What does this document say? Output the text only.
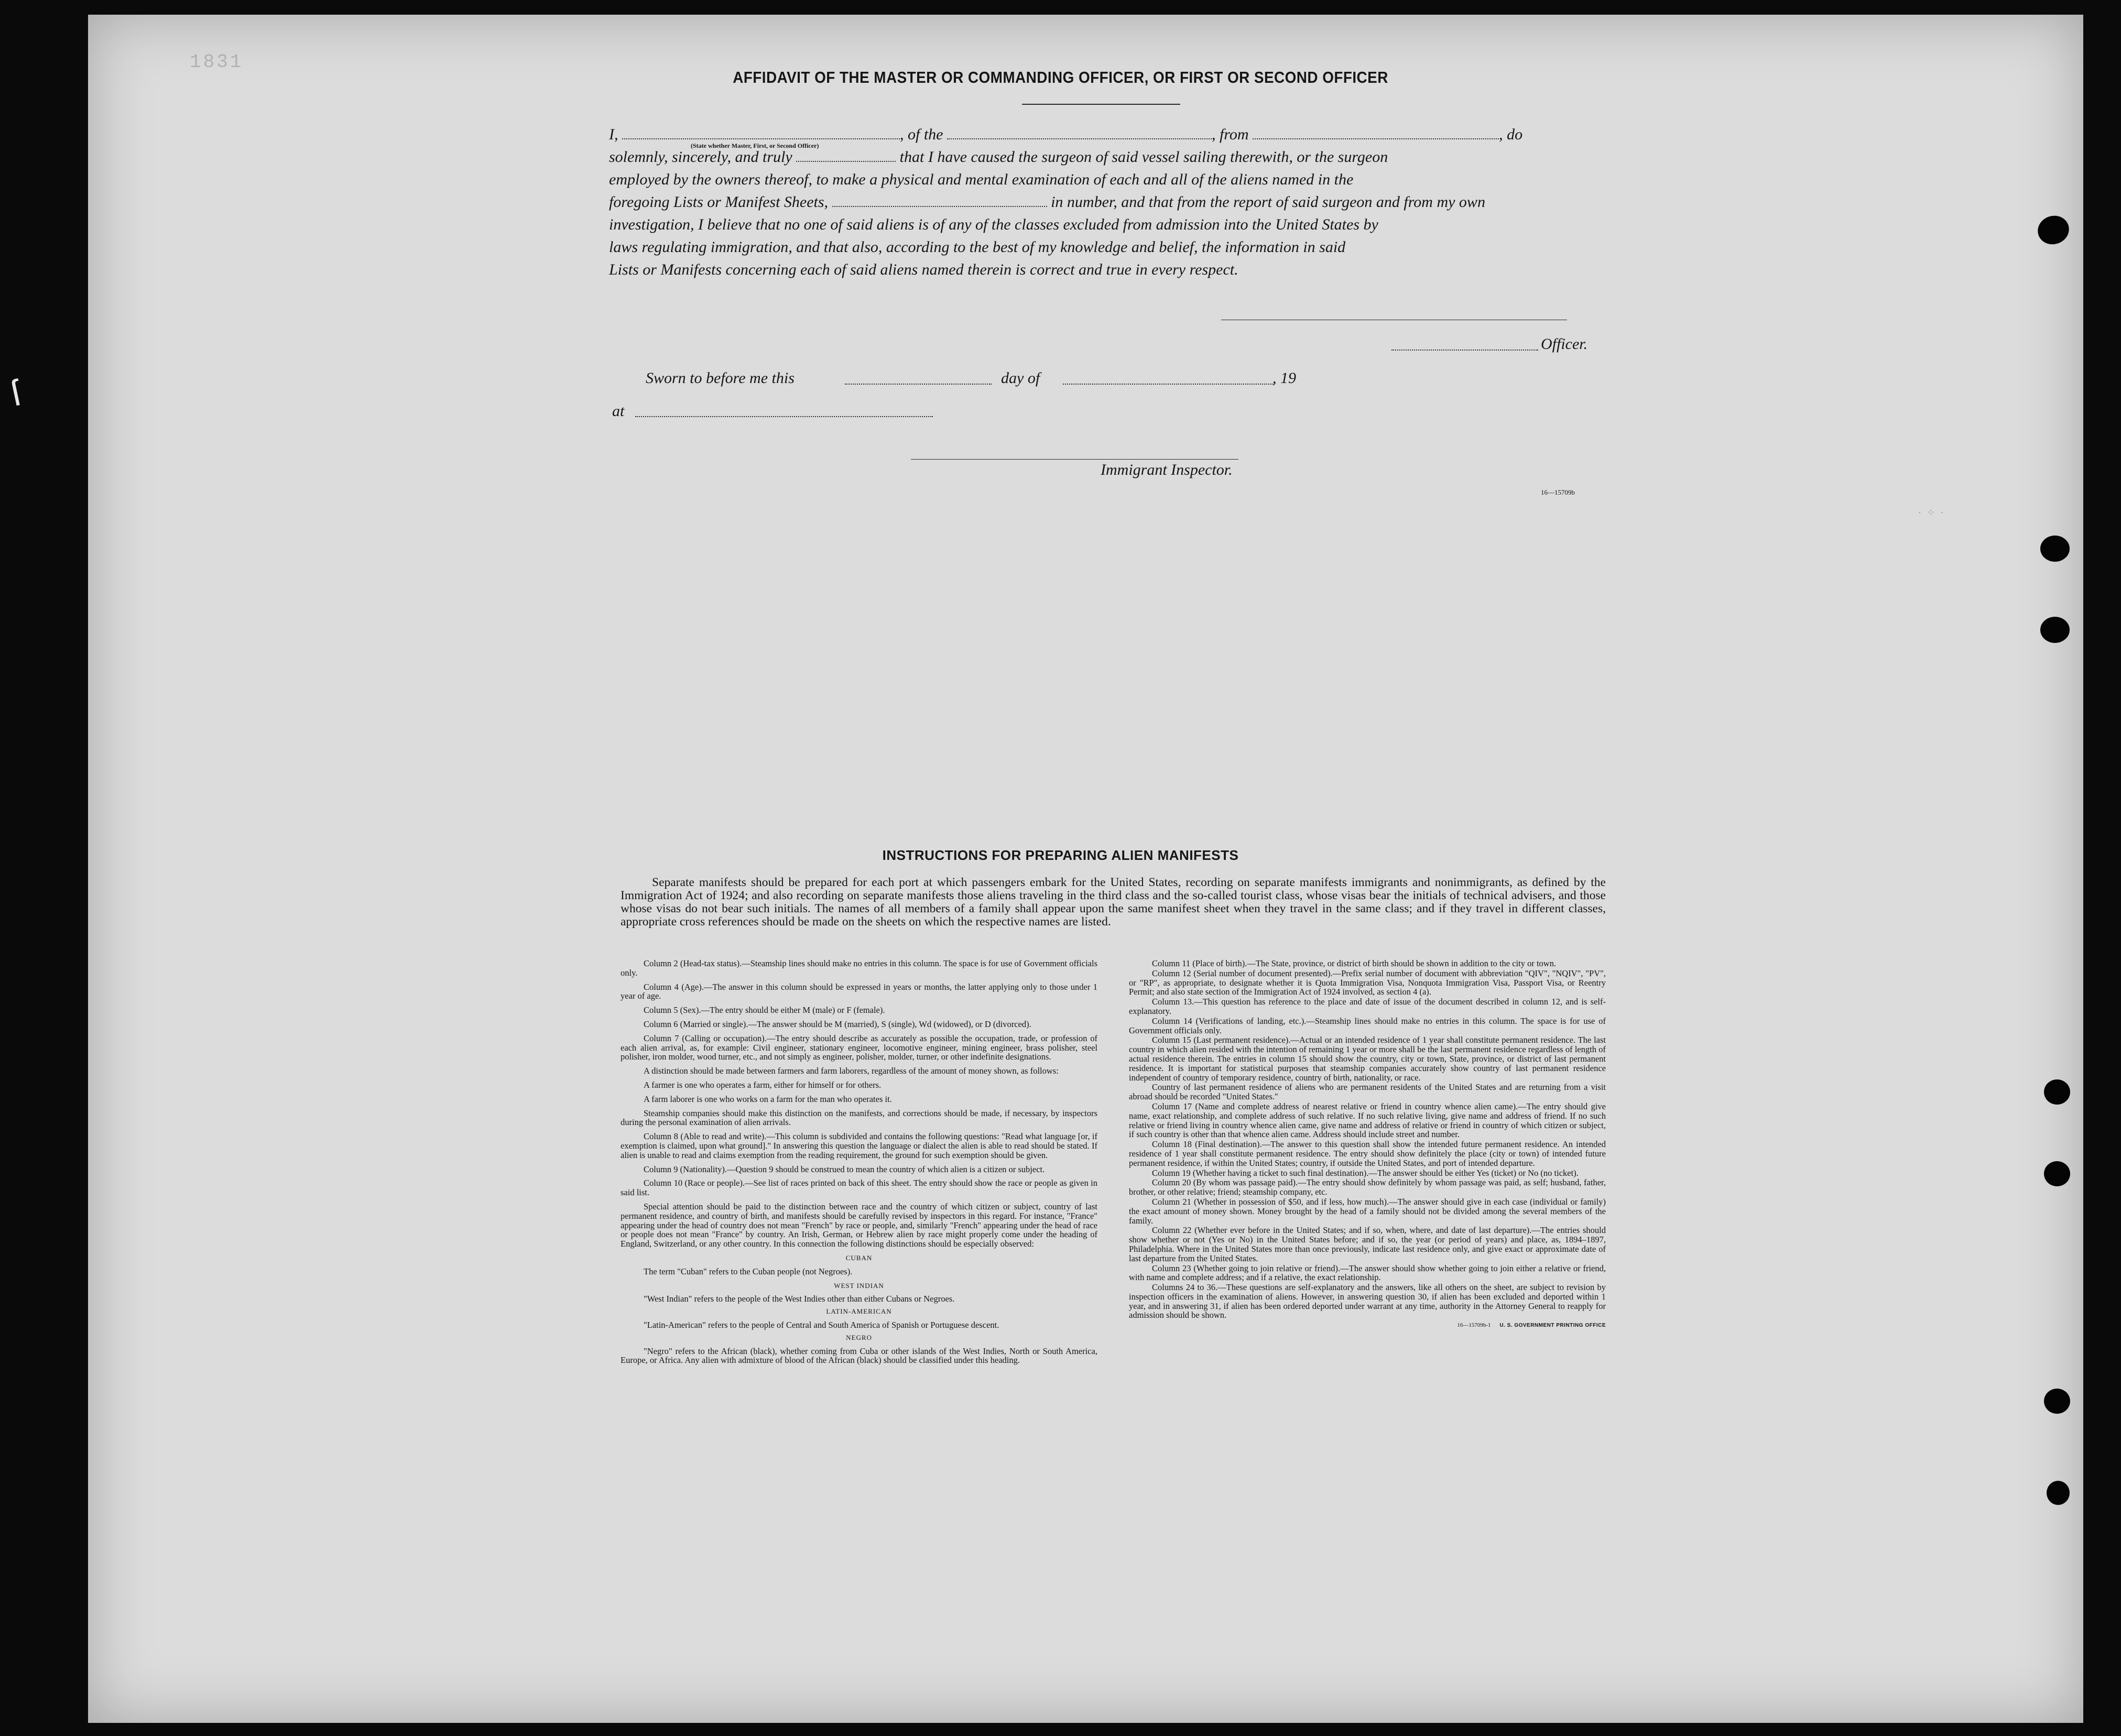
ſ
1831
AFFIDAVIT OF THE MASTER OR COMMANDING OFFICER, OR FIRST OR SECOND OFFICER

I,	, of the	, from	, do

solemnly, sincerely, and truly	that I have caused the surgeon of said vessel sailing therewith, or the surgeon

employed by the owners thereof, to make a physical and mental examination of each and all of the aliens named in the

foregoing Lists or Manifest Sheets,	in number, and that from the report of said surgeon and from my own

investigation, I believe that no one of said aliens is of any of the classes excluded from admission into the United States by

laws regulating immigration, and that also, according to the best of my knowledge and belief, the information in said

Lists or Manifests concerning each of said aliens named therein is correct and true in every respect.

(State whether Master, First, or Second Officer)
Officer.
Sworn to before me this	day of	, 19
at
Immigrant Inspector.
16—15709b
· ⁘ ·
INSTRUCTIONS FOR PREPARING ALIEN MANIFESTS

Separate manifests should be prepared for each port at which passengers embark for the United States, recording on separate manifests immigrants and nonimmigrants, as defined by the Immigration Act of 1924; and also recording on separate manifests those aliens traveling in the third class and the so-called tourist class, whose visas bear the initials of technical advisers, and those whose visas do not bear such initials. The names of all members of a family shall appear upon the same manifest sheet when they travel in the same class; and if they travel in different classes, appropriate cross references should be made on the sheets on which the respective names are listed.

Column 2 (Head-tax status).—Steamship lines should make no entries in this column. The space is for use of Government officials only.

Column 4 (Age).—The answer in this column should be expressed in years or months, the latter applying only to those under 1 year of age.

Column 5 (Sex).—The entry should be either M (male) or F (female).

Column 6 (Married or single).—The answer should be M (married), S (single), Wd (widowed), or D (divorced).

Column 7 (Calling or occupation).—The entry should describe as accurately as possible the occupation, trade, or profession of each alien arrival, as, for example: Civil engineer, stationary engineer, locomotive engineer, mining engineer, brass polisher, steel polisher, iron molder, wood turner, etc., and not simply as engineer, polisher, molder, turner, or other indefinite designations.

A distinction should be made between farmers and farm laborers, regardless of the amount of money shown, as follows:

A farmer is one who operates a farm, either for himself or for others.

A farm laborer is one who works on a farm for the man who operates it.

Steamship companies should make this distinction on the manifests, and corrections should be made, if necessary, by inspectors during the personal examination of alien arrivals.

Column 8 (Able to read and write).—This column is subdivided and contains the following questions: "Read what language [or, if exemption is claimed, upon what ground]." In answering this question the language or dialect the alien is able to read should be stated. If alien is unable to read and claims exemption from the reading requirement, the ground for such exemption should be given.

Column 9 (Nationality).—Question 9 should be construed to mean the country of which alien is a citizen or subject.

Column 10 (Race or people).—See list of races printed on back of this sheet. The entry should show the race or people as given in said list.

Special attention should be paid to the distinction between race and the country of which citizen or subject, country of last permanent residence, and country of birth, and manifests should be carefully revised by inspectors in this regard. For instance, "France" appearing under the head of country does not mean "French" by race or people, and, similarly "French" appearing under the head of race or people does not mean "France" by country. An Irish, German, or Hebrew alien by race might properly come under the heading of England, Switzerland, or any other country. In this connection the following distinctions should be especially observed:

CUBAN

The term "Cuban" refers to the Cuban people (not Negroes).

WEST INDIAN

"West Indian" refers to the people of the West Indies other than either Cubans or Negroes.

LATIN-AMERICAN

"Latin-American" refers to the people of Central and South America of Spanish or Portuguese descent.

NEGRO

"Negro" refers to the African (black), whether coming from Cuba or other islands of the West Indies, North or South America, Europe, or Africa. Any alien with admixture of blood of the African (black) should be classified under this heading.

Column 11 (Place of birth).—The State, province, or district of birth should be shown in addition to the city or town.

Column 12 (Serial number of document presented).—Prefix serial number of document with abbreviation "QIV", "NQIV", "PV", or "RP", as appropriate, to designate whether it is Quota Immigration Visa, Nonquota Immigration Visa, Passport Visa, or Reentry Permit; and also state section of the Immigration Act of 1924 involved, as section 4 (a).

Column 13.—This question has reference to the place and date of issue of the document described in column 12, and is self-explanatory.

Column 14 (Verifications of landing, etc.).—Steamship lines should make no entries in this column. The space is for use of Government officials only.

Column 15 (Last permanent residence).—Actual or an intended residence of 1 year shall constitute permanent residence. The last country in which alien resided with the intention of remaining 1 year or more shall be the last permanent residence regardless of length of actual residence therein. The entries in column 15 should show the country, city or town, State, province, or district of last permanent residence. It is important for statistical purposes that steamship companies accurately show country of last permanent residence independent of country of temporary residence, country of birth, nationality, or race.

Country of last permanent residence of aliens who are permanent residents of the United States and are returning from a visit abroad should be recorded "United States."

Column 17 (Name and complete address of nearest relative or friend in country whence alien came).—The entry should give name, exact relationship, and complete address of such relative. If no such relative living, give name and address of friend. If no such relative or friend living in country whence alien came, give name and address of relative or friend in country of which citizen or subject, if such country is other than that whence alien came. Address should include street and number.

Column 18 (Final destination).—The answer to this question shall show the intended future permanent residence. An intended residence of 1 year shall constitute permanent residence. The entry should show definitely the place (city or town) of intended future permanent residence, if within the United States; country, if outside the United States, and port of intended departure.

Column 19 (Whether having a ticket to such final destination).—The answer should be either Yes (ticket) or No (no ticket).

Column 20 (By whom was passage paid).—The entry should show definitely by whom passage was paid, as self; husband, father, brother, or other relative; friend; steamship company, etc.

Column 21 (Whether in possession of $50, and if less, how much).—The answer should give in each case (individual or family) the exact amount of money shown. Money brought by the head of a family should not be divided among the several members of the family.

Column 22 (Whether ever before in the United States; and if so, when, where, and date of last departure).—The entries should show whether or not (Yes or No) in the United States before; and if so, the year (or period of years) and place, as, 1894–1897, Philadelphia. Where in the United States more than once previously, indicate last residence only, and give exact or approximate date of last departure from the United States.

Column 23 (Whether going to join relative or friend).—The answer should show whether going to join either a relative or friend, with name and complete address; and if a relative, the exact relationship.

Columns 24 to 36.—These questions are self-explanatory and the answers, like all others on the sheet, are subject to revision by inspection officers in the examination of aliens. However, in answering question 30, if alien has been excluded and deported within 1 year, and in answering 31, if alien has been ordered deported under warrant at any time, authority in the Attorney General to reapply for admission should be shown.

16—15709b-1 U. S. GOVERNMENT PRINTING OFFICE
